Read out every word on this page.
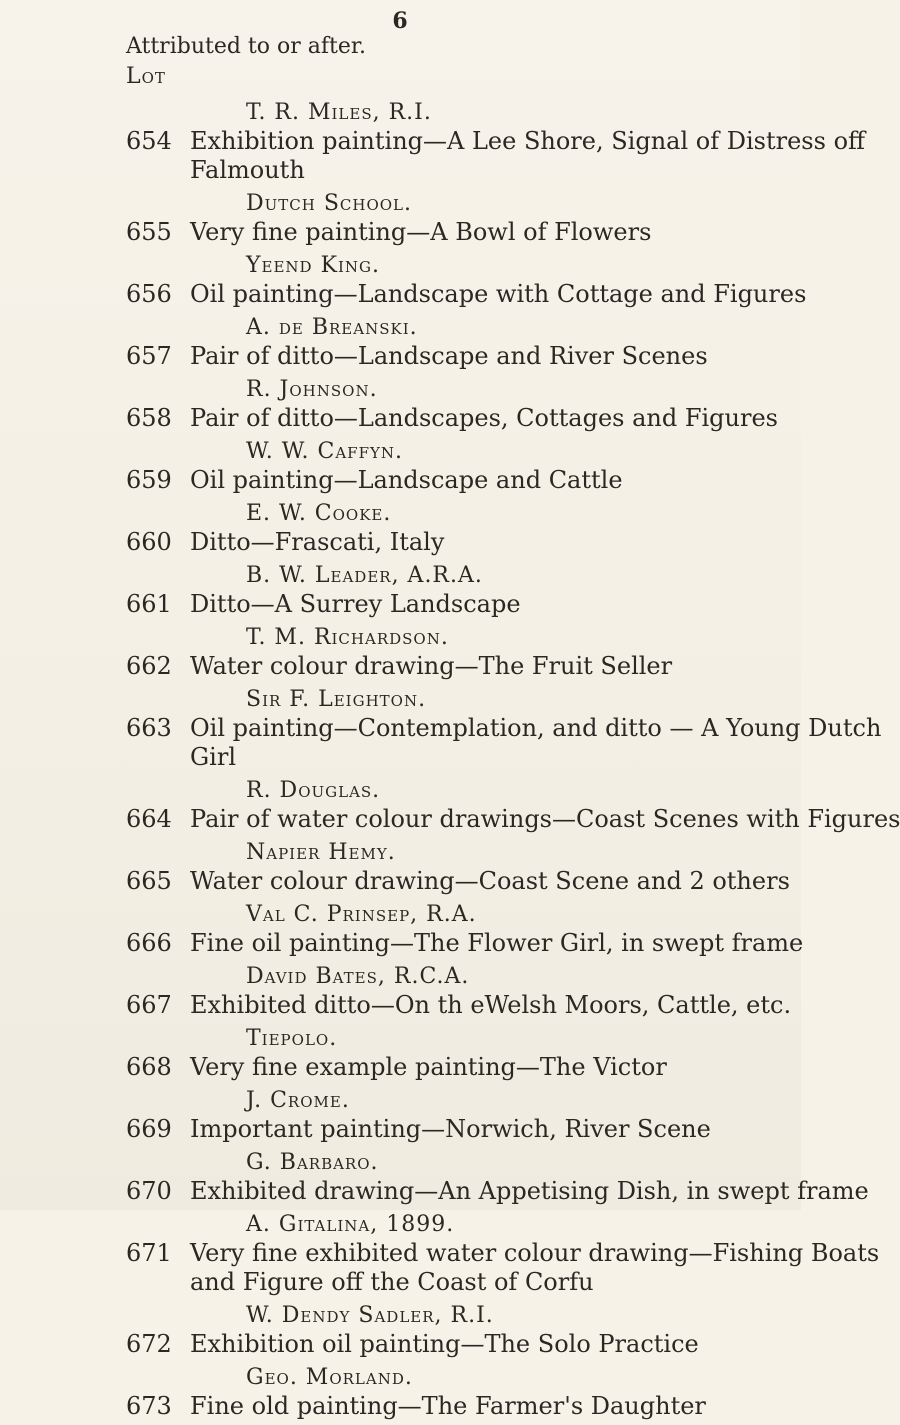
6
Attributed to or after.
Lot
T. R. Miles, R.I.
654 Exhibition painting—A Lee Shore, Signal of Distress off
Falmouth
Dutch School.
655 Very fine painting—A Bowl of Flowers
Yeend King.
656 Oil painting—Landscape with Cottage and Figures
A. de Breanski.
657 Pair of ditto—Landscape and River Scenes
R. Johnson.
658 Pair of ditto—Landscapes, Cottages and Figures
W. W. Caffyn.
659 Oil painting—Landscape and Cattle
E. W. Cooke.
660 Ditto—Frascati, Italy
B. W. Leader, A.R.A.
661 Ditto—A Surrey Landscape
T. M. Richardson.
662 Water colour drawing—The Fruit Seller
Sir F. Leighton.
663 Oil painting—Contemplation, and ditto — A Young Dutch
Girl
R. Douglas.
664 Pair of water colour drawings—Coast Scenes with Figures
Napier Hemy.
665 Water colour drawing—Coast Scene and 2 others
Val C. Prinsep, R.A.
666 Fine oil painting—The Flower Girl, in swept frame
David Bates, R.C.A.
667 Exhibited ditto—On th eWelsh Moors, Cattle, etc.
Tiepolo.
668 Very fine example painting—The Victor
J. Crome.
669 Important painting—Norwich, River Scene
G. Barbaro.
670 Exhibited drawing—An Appetising Dish, in swept frame
A. Gitalina, 1899.
671 Very fine exhibited water colour drawing—Fishing Boats
and Figure off the Coast of Corfu
W. Dendy Sadler, R.I.
672 Exhibition oil painting—The Solo Practice
Geo. Morland.
673 Fine old painting—The Farmer's Daughter
